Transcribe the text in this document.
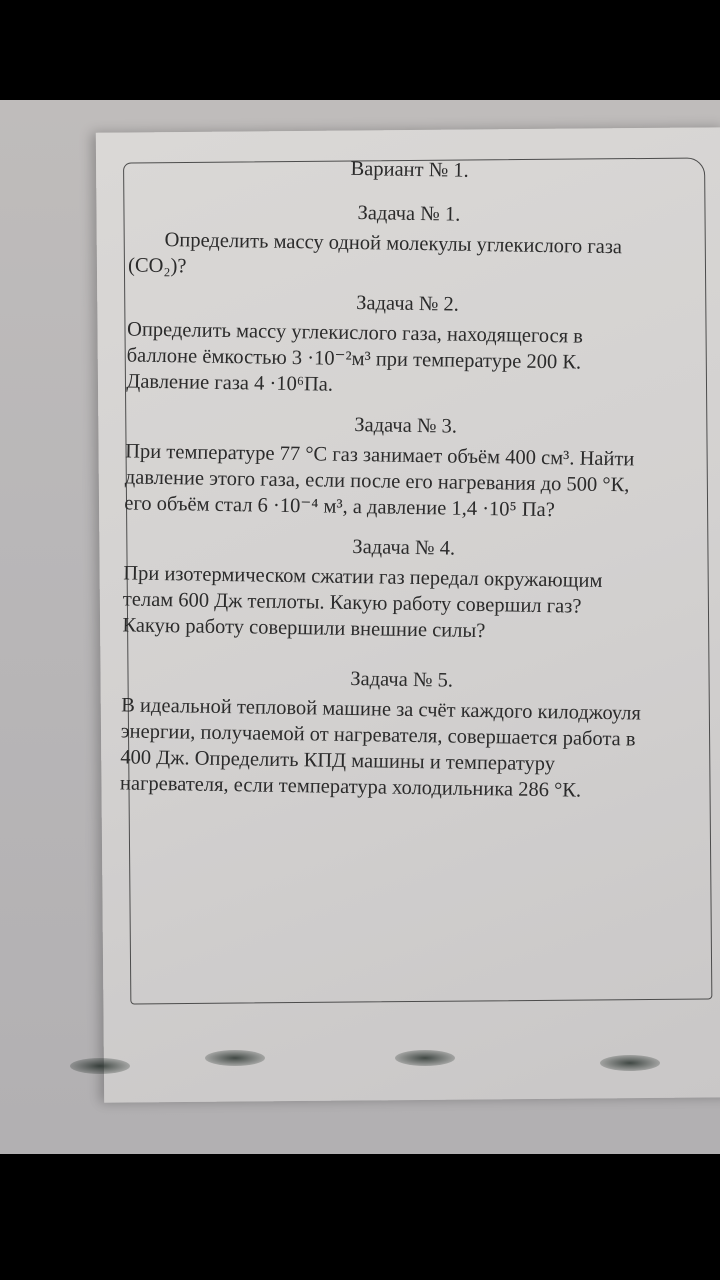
Вариант № 1.

Задача № 1.

Определить массу одной молекулы углекислого газа

(CO₂)?

Задача № 2.

Определить массу углекислого газа, находящегося в

баллоне ёмкостью 3 ·10⁻²м³ при температуре 200 К.

Давление газа 4 ·10⁶Па.

Задача № 3.

При температуре 77 °С газ занимает объём 400 см³. Найти

давление этого газа, если после его нагревания до 500 °К,

его объём стал 6 ·10⁻⁴ м³, а давление 1,4 ·10⁵ Па?

Задача № 4.

При изотермическом сжатии газ передал окружающим

телам 600 Дж теплоты. Какую работу совершил газ?

Какую работу совершили внешние силы?

Задача № 5.

В идеальной тепловой машине за счёт каждого килоджоуля

энергии, получаемой от нагревателя, совершается работа в

400 Дж. Определить КПД машины и температуру

нагревателя, если температура холодильника 286 °К.
